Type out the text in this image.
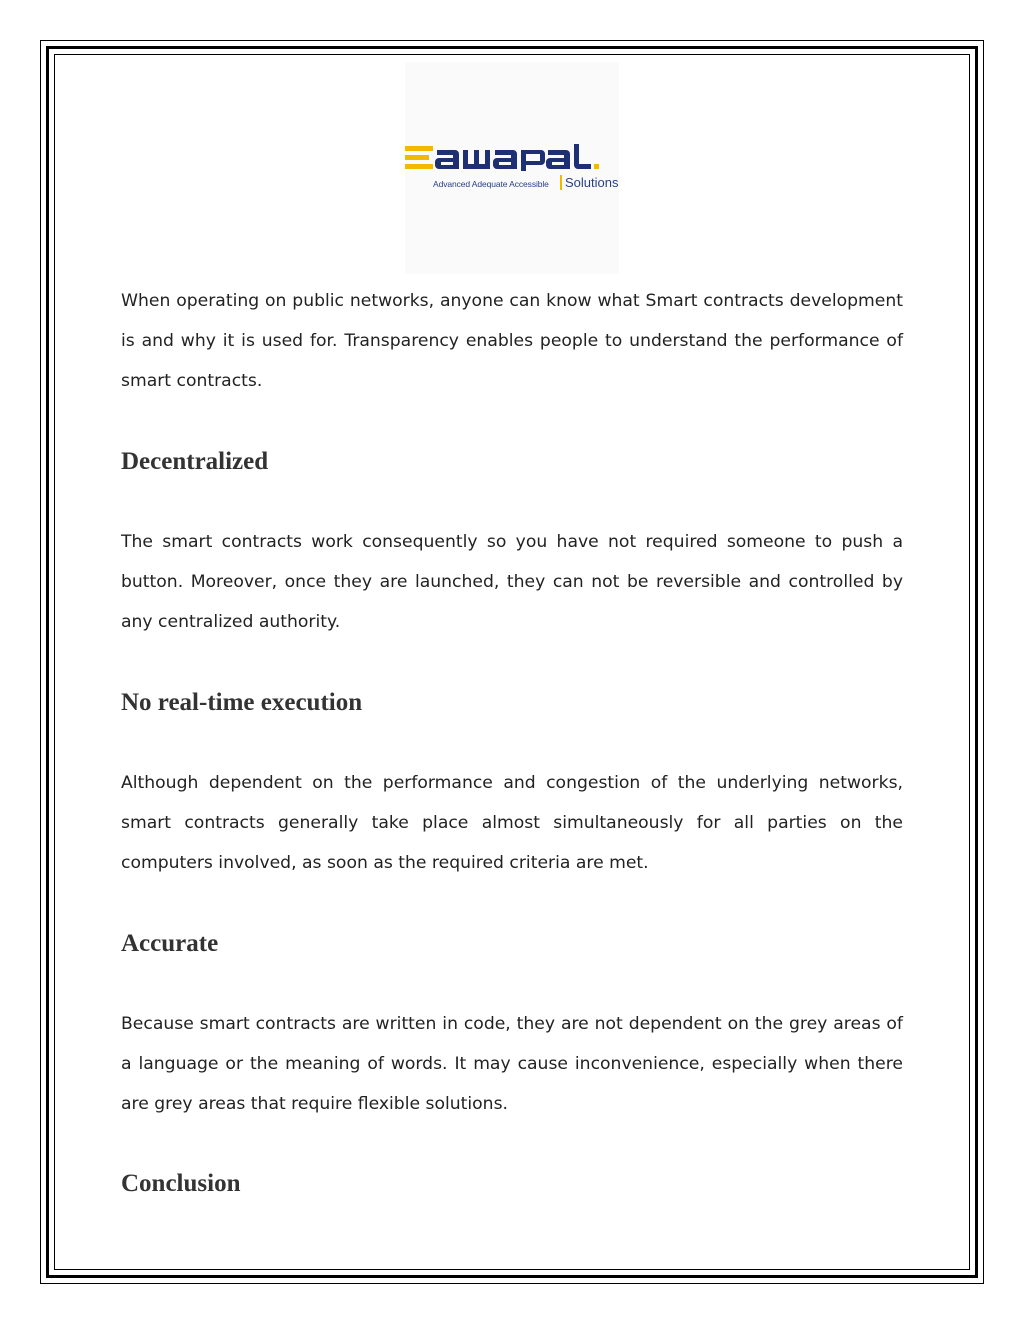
Advanced Adequate Accessible	Solutions

When operating on public networks, anyone can know what Smart contracts development is and why it is used for. Transparency enables people to understand the performance of smart contracts.

Decentralized

The smart contracts work consequently so you have not required someone to push a button. Moreover, once they are launched, they can not be reversible and controlled by any centralized authority.

No real-time execution

Although dependent on the performance and congestion of the underlying networks, smart contracts generally take place almost simultaneously for all parties on the computers involved, as soon as the required criteria are met.

Accurate

Because smart contracts are written in code, they are not dependent on the grey areas of a language or the meaning of words. It may cause inconvenience, especially when there are grey areas that require flexible solutions.

Conclusion
